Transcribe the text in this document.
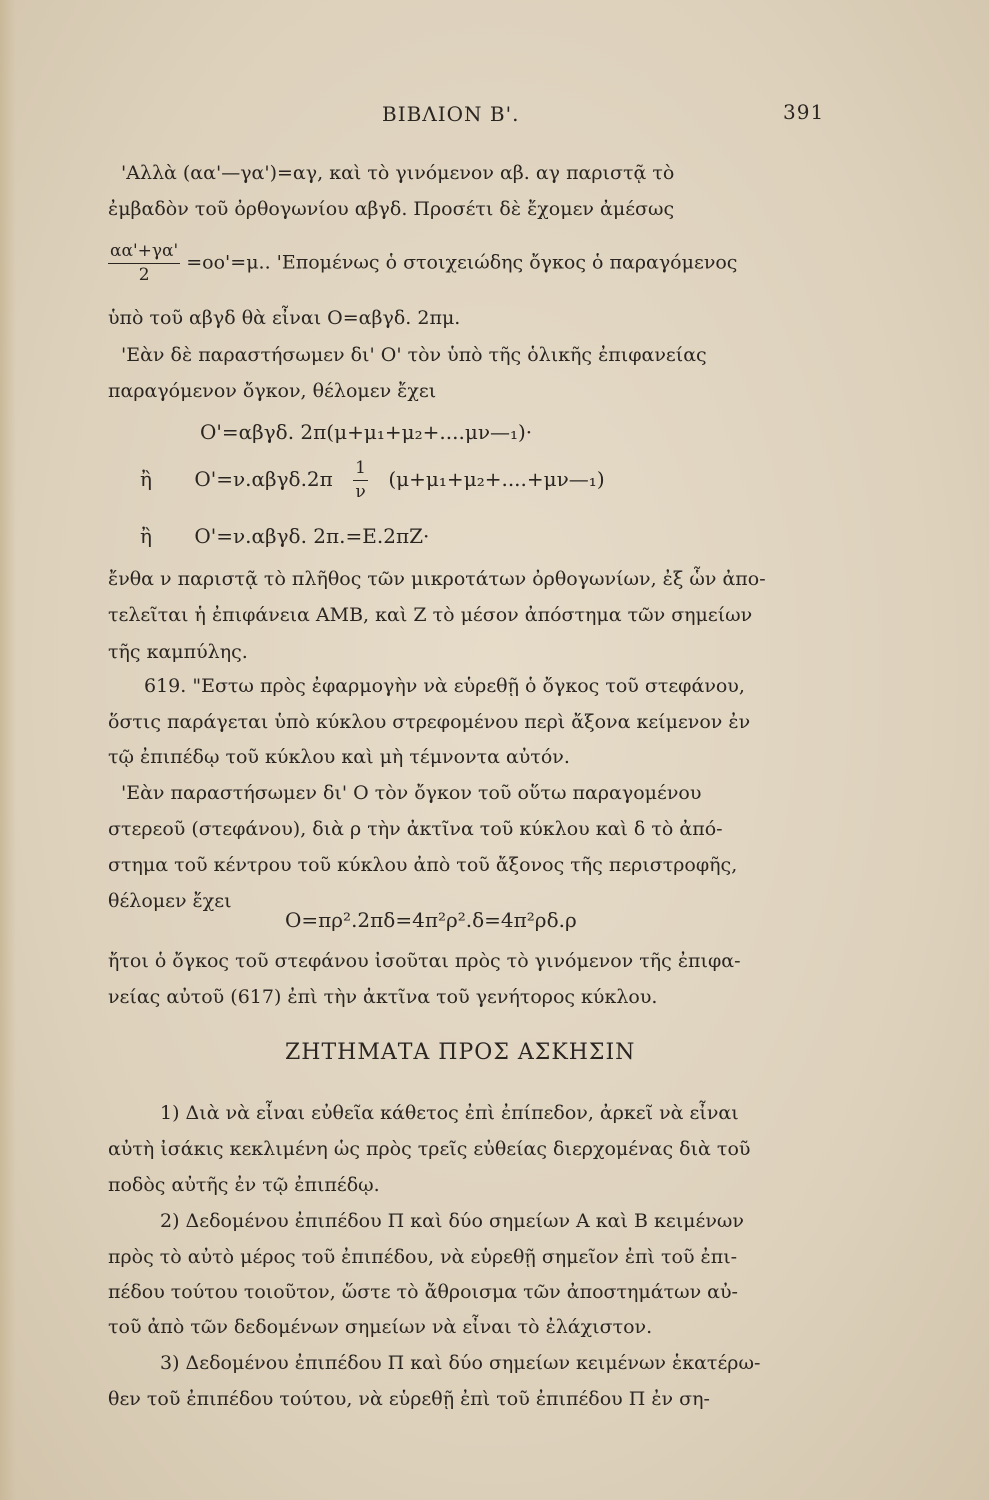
ΒΙΒΛΙΟΝ Β'.	391
'Αλλὰ (αα'—γα')=αγ, καὶ τὸ γινόμενον αβ. αγ παριστᾷ τὸ
ἐμβαδὸν τοῦ ὀρθογωνίου αβγδ. Προσέτι δὲ ἔχομεν ἀμέσως
$\frac{\alpha\alpha'+\gamma\alpha'}{2} =oo'=\mu$.. 'Επομένως ὁ στοιχειώδης ὄγκος ὁ παραγόμενος
ὑπὸ τοῦ αβγδ θὰ εἶναι Ο=αβγδ. 2πμ.
'Εὰν δὲ παραστήσωμεν δι' Ο' τὸν ὑπὸ τῆς ὁλικῆς ἐπιφανείας
παραγόμενον ὄγκον, θέλομεν ἔχει
Ο'=αβγδ. 2π(μ+μ₁+μ₂+....μν—₁)·
ἢ $O'=\nu.\alpha\beta\gamma\delta.2\pi \frac{1}{\nu}$ (μ+μ₁+μ₂+....+μν—₁)
ἢ Ο'=ν.αβγδ. 2π.=Ε.2πΖ·
ἔνθα ν παριστᾷ τὸ πλῆθος τῶν μικροτάτων ὀρθογωνίων, ἐξ ὧν ἀπο-
τελεῖται ἡ ἐπιφάνεια ΑΜΒ, καὶ Ζ τὸ μέσον ἀπόστημα τῶν σημείων
τῆς καμπύλης.
619. "Εστω πρὸς ἐφαρμογὴν νὰ εὑρεθῇ ὁ ὄγκος τοῦ στεφάνου,
ὅστις παράγεται ὑπὸ κύκλου στρεφομένου περὶ ἄξονα κείμενον ἐν
τῷ ἐπιπέδῳ τοῦ κύκλου καὶ μὴ τέμνοντα αὐτόν.
'Εὰν παραστήσωμεν δι' Ο τὸν ὄγκον τοῦ οὕτω παραγομένου
στερεοῦ (στεφάνου), διὰ ρ τὴν ἀκτῖνα τοῦ κύκλου καὶ δ τὸ ἀπό-
στημα τοῦ κέντρου τοῦ κύκλου ἀπὸ τοῦ ἄξονος τῆς περιστροφῆς,
θέλομεν ἔχει
Ο=πρ².2πδ=4π²ρ².δ=4π²ρδ.ρ
ἤτοι ὁ ὄγκος τοῦ στεφάνου ἰσοῦται πρὸς τὸ γινόμενον τῆς ἐπιφα-
νείας αὐτοῦ (617) ἐπὶ τὴν ἀκτῖνα τοῦ γενήτορος κύκλου.
ΖΗΤΗΜΑΤΑ ΠΡΟΣ ΑΣΚΗΣΙΝ
1) Διὰ νὰ εἶναι εὐθεῖα κάθετος ἐπὶ ἐπίπεδον, ἀρκεῖ νὰ εἶναι
αὐτὴ ἰσάκις κεκλιμένη ὡς πρὸς τρεῖς εὐθείας διερχομένας διὰ τοῦ
ποδὸς αὐτῆς ἐν τῷ ἐπιπέδῳ.
2) Δεδομένου ἐπιπέδου Π καὶ δύο σημείων Α καὶ Β κειμένων
πρὸς τὸ αὐτὸ μέρος τοῦ ἐπιπέδου, νὰ εὑρεθῇ σημεῖον ἐπὶ τοῦ ἐπι-
πέδου τούτου τοιοῦτον, ὥστε τὸ ἄθροισμα τῶν ἀποστημάτων αὐ-
τοῦ ἀπὸ τῶν δεδομένων σημείων νὰ εἶναι τὸ ἐλάχιστον.
3) Δεδομένου ἐπιπέδου Π καὶ δύο σημείων κειμένων ἑκατέρω-
θεν τοῦ ἐπιπέδου τούτου, νὰ εὑρεθῇ ἐπὶ τοῦ ἐπιπέδου Π ἐν ση-
